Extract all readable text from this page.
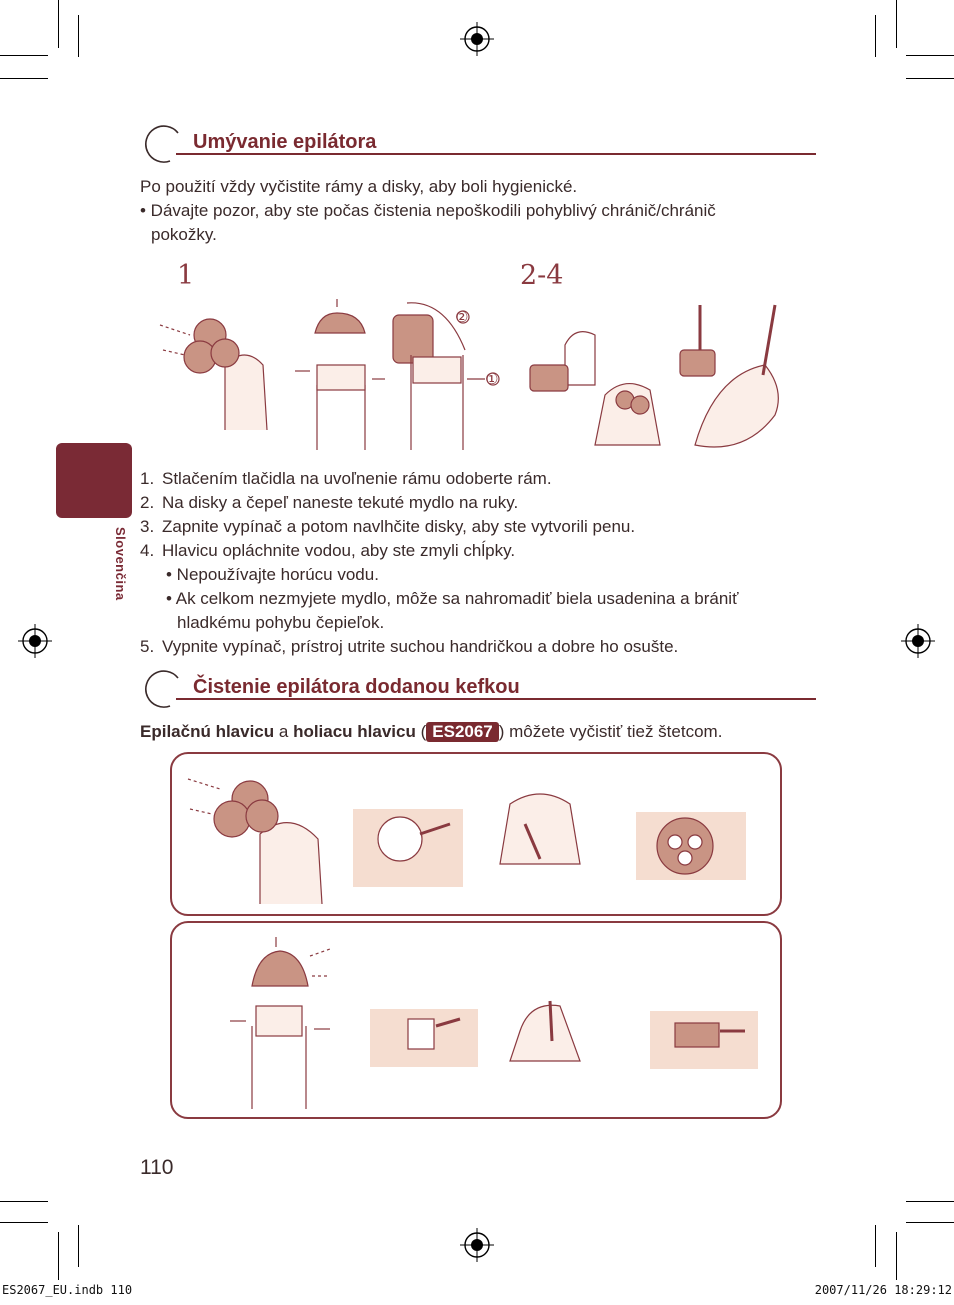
Slovenčina
Umývanie epilátora
Po použití vždy vyčistite rámy a disky, aby boli hygienické.
• Dávajte pozor, aby ste počas čistenia nepoškodili pohyblivý chránič/chránič
pokožky.
1	2-4
1. Stlačením tlačidla na uvoľnenie rámu odoberte rám.
2. Na disky a čepeľ naneste tekuté mydlo na ruky.
3. Zapnite vypínač a potom navlhčite disky, aby ste vytvorili penu.
4. Hlavicu opláchnite vodou, aby ste zmyli chĺpky.
• Nepoužívajte horúcu vodu.
• Ak celkom nezmyjete mydlo, môže sa nahromadiť biela usadenina a brániť
hladkému pohybu čepieľok.
5. Vypnite vypínač, prístroj utrite suchou handričkou a dobre ho osušte.
Čistenie epilátora dodanou kefkou
Epilačnú hlavicu a holiacu hlavicu ( ES2067 ) môžete vyčistiť tiež štetcom.
110
ES2067_EU.indb 110	2007/11/26 18:29:12
②
①
